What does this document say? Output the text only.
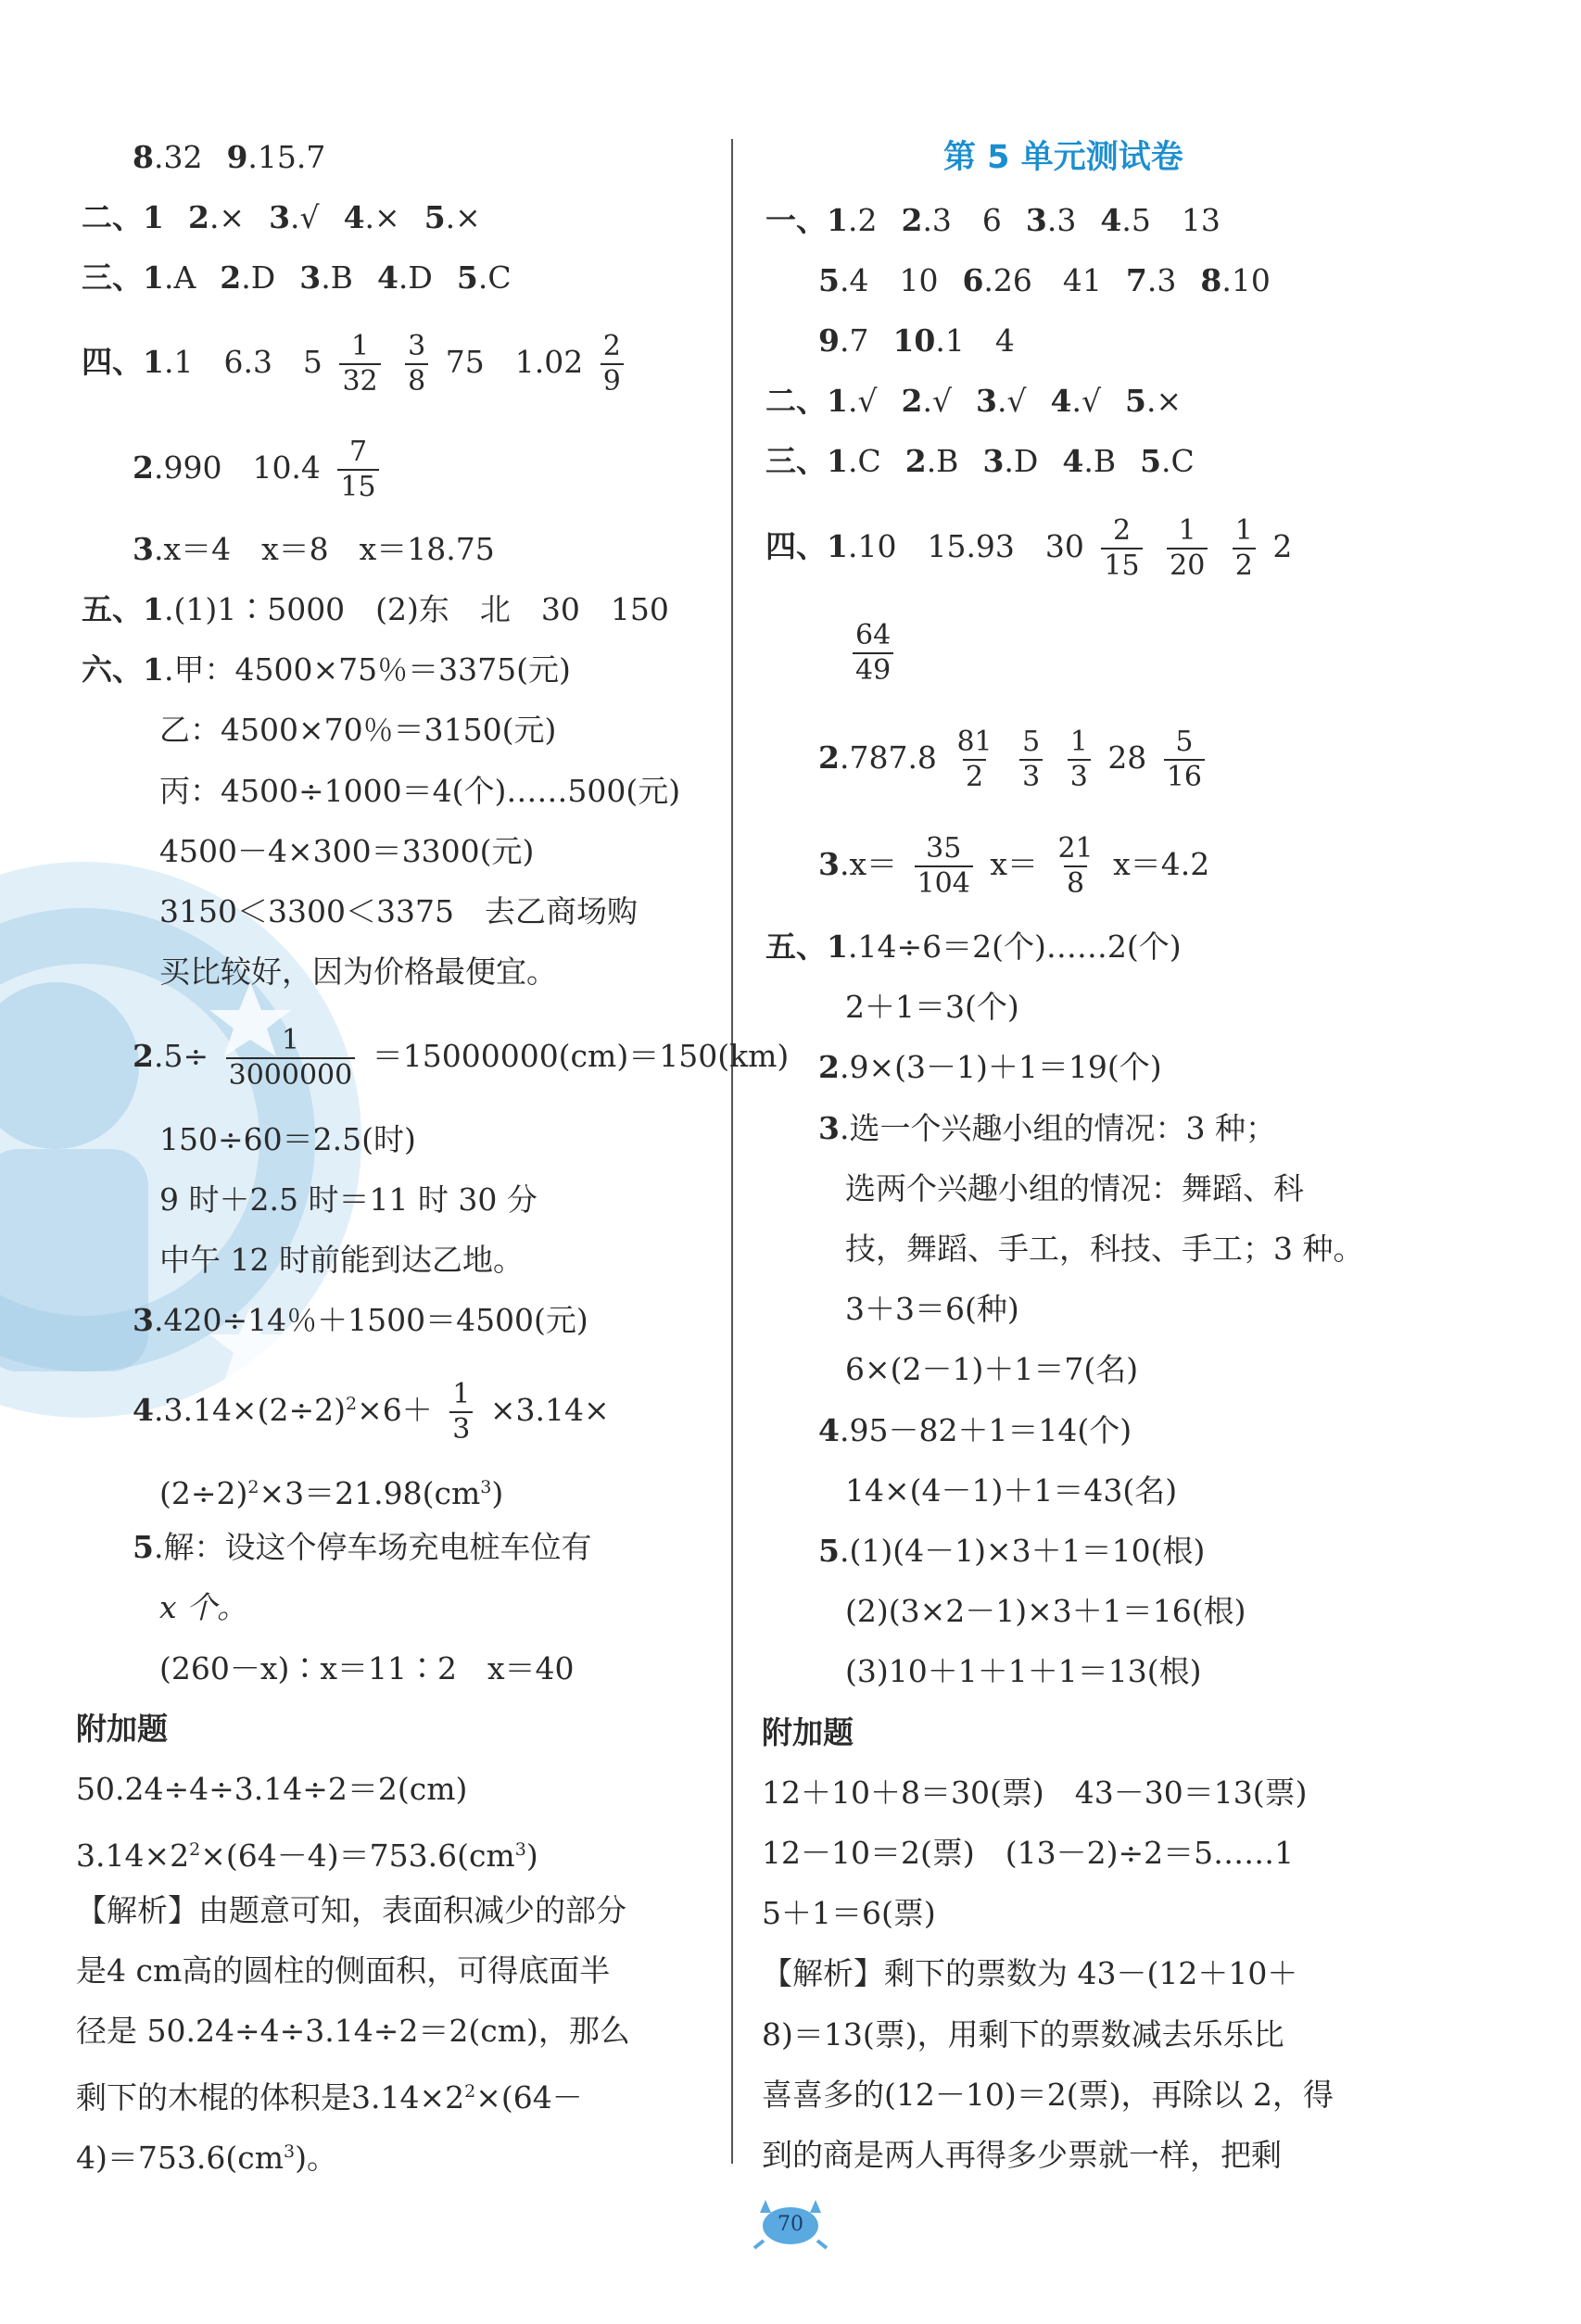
8.32 9.15.7
二、1 2.× 3.√ 4.× 5.×
三、1.A 2.D 3.B 4.D 5.C
四、1.1　6.3　$5 \frac{1}{32}$
$\frac{3}{8} 75$　$1.02 \frac{2}{9}$
2.990　$10.4 \frac{7}{15}$
3.x＝4　x＝8　x＝18.75
五、1.(1)1∶5000　(2)东　北　30　150
六、1.甲：4500×75％＝3375(元)
乙：4500×70％＝3150(元)
丙：4500÷1000＝4(个)……500(元)
4500－4×300＝3300(元)
3150＜3300＜3375　去乙商场购
买比较好，因为价格最便宜。
$2.5\div \frac{1}{3000000} =15000000(cm)=150(km)$
150÷60＝2.5(时)
9 时＋2.5 时＝11 时 30 分
中午 12 时前能到达乙地。
3.420÷14％＋1500＝4500(元)
$4.3.14\times(2\div 2)^2\times 6+ \frac{1}{3} \times 3.14\times$
$(2\div 2)^2\times 3=21.98(cm^3)$
5.解：设这个停车场充电桩车位有
x 个。
(260－x)∶x＝11∶2　x＝40
附加题
50.24÷4÷3.14÷2＝2(cm)
$3.14\times 2^2\times(64-4)=753.6(cm^3)$
【解析】由题意可知，表面积减少的部分
是4 cm高的圆柱的侧面积，可得底面半
径是 50.24÷4÷3.14÷2＝2(cm)，那么
剩下的木棍的体积是$3.14\times 2^2\times(64-$
$4)=753.6(cm^3)$。
第 5 单元测试卷
一、1.2 2.3　6 3.3 4.5　13
5.4　10 6.26　41 7.3 8.10
9.7 10.1　4
二、1.√ 2.√ 3.√ 4.√ 5.×
三、1.C 2.B 3.D 4.B 5.C
四、1.10　15.93　$30 \frac{2}{15}$
$\frac{1}{20}$
$\frac{1}{2} 2$
$\frac{64}{49}$
$2.787.8 \frac{81}{2}$
$\frac{5}{3}$
$\frac{1}{3} 28 \frac{5}{16}$
$3.x= \frac{35}{104} x= \frac{21}{8} x=4.2$
五、1.14÷6＝2(个)……2(个)
2＋1＝3(个)
2.9×(3－1)＋1＝19(个)
3.选一个兴趣小组的情况：3 种；
选两个兴趣小组的情况：舞蹈、科
技，舞蹈、手工，科技、手工；3 种。
3＋3＝6(种)
6×(2－1)＋1＝7(名)
4.95－82＋1＝14(个)
14×(4－1)＋1＝43(名)
5.(1)(4－1)×3＋1＝10(根)
(2)(3×2－1)×3＋1＝16(根)
(3)10＋1＋1＋1＝13(根)
附加题
12＋10＋8＝30(票)　43－30＝13(票)
12－10＝2(票)　(13－2)÷2＝5……1
5＋1＝6(票)
【解析】剩下的票数为 43－(12＋10＋
8)＝13(票)，用剩下的票数减去乐乐比
喜喜多的(12－10)＝2(票)，再除以 2，得
到的商是两人再得多少票就一样，把剩
70
